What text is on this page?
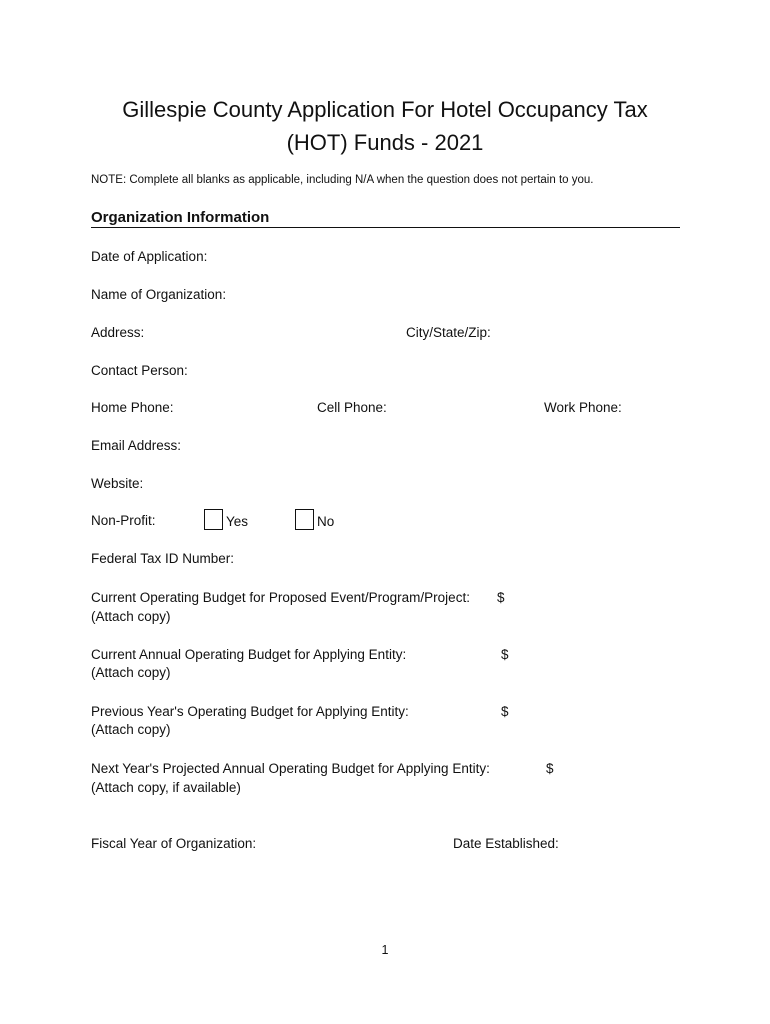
Gillespie County Application For Hotel Occupancy Tax
(HOT) Funds - 2021
NOTE: Complete all blanks as applicable, including N/A when the question does not pertain to you.
Organization Information
Date of Application:
Name of Organization:
Address:	City/State/Zip:
Contact Person:
Home Phone:	Cell Phone:	Work Phone:
Email Address:
Website:
Non-Profit:	Yes	No
Federal Tax ID Number:
Current Operating Budget for Proposed Event/Program/Project: $
(Attach copy)
Current Annual Operating Budget for Applying Entity:	$
(Attach copy)
Previous Year's Operating Budget for Applying Entity:	$
(Attach copy)
Next Year's Projected Annual Operating Budget for Applying Entity:	$
(Attach copy, if available)
Fiscal Year of Organization:	Date Established:
1
